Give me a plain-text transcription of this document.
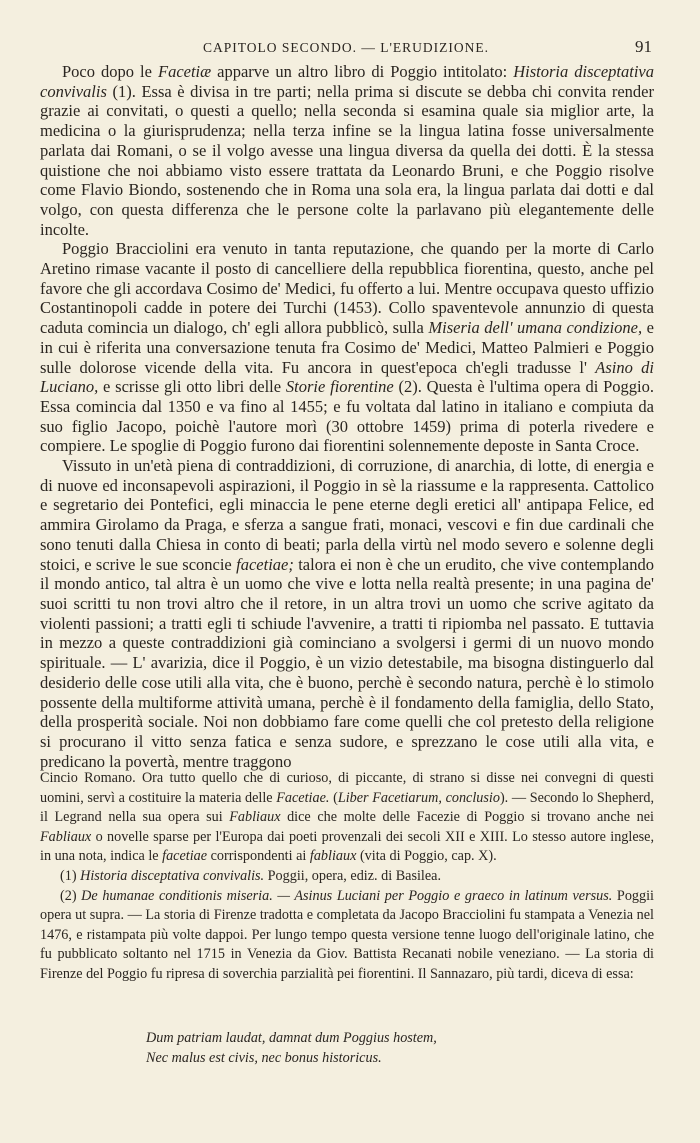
CAPITOLO SECONDO. — L'ERUDIZIONE.	91

Poco dopo le Facetiæ apparve un altro libro di Poggio intitolato: Historia disceptativa convivalis (1). Essa è divisa in tre parti; nella prima si discute se debba chi convita render grazie ai convitati, o questi a quello; nella seconda si esamina quale sia miglior arte, la medicina o la giurisprudenza; nella terza infine se la lingua latina fosse universalmente parlata dai Romani, o se il volgo avesse una lingua diversa da quella dei dotti. È la stessa quistione che noi abbiamo visto essere trattata da Leonardo Bruni, e che Poggio risolve come Flavio Biondo, sostenendo che in Roma una sola era, la lingua parlata dai dotti e dal volgo, con questa differenza che le persone colte la parlavano più elegantemente delle incolte.

Poggio Bracciolini era venuto in tanta reputazione, che quando per la morte di Carlo Aretino rimase vacante il posto di cancelliere della repubblica fiorentina, questo, anche pel favore che gli accordava Cosimo de' Medici, fu offerto a lui. Mentre occupava questo uffizio Costantinopoli cadde in potere dei Turchi (1453). Collo spaventevole annunzio di questa caduta comincia un dialogo, ch' egli allora pubblicò, sulla Miseria dell' umana condizione, e in cui è riferita una conversazione tenuta fra Cosimo de' Medici, Matteo Palmieri e Poggio sulle dolorose vicende della vita. Fu ancora in quest'epoca ch'egli tradusse l' Asino di Luciano, e scrisse gli otto libri delle Storie fiorentine (2). Questa è l'ultima opera di Poggio. Essa comincia dal 1350 e va fino al 1455; e fu voltata dal latino in italiano e compiuta da suo figlio Jacopo, poichè l'autore morì (30 ottobre 1459) prima di poterla rivedere e compiere. Le spoglie di Poggio furono dai fiorentini solennemente deposte in Santa Croce.

Vissuto in un'età piena di contraddizioni, di corruzione, di anarchia, di lotte, di energia e di nuove ed inconsapevoli aspirazioni, il Poggio in sè la riassume e la rappresenta. Cattolico e segretario dei Pontefici, egli minaccia le pene eterne degli eretici all' antipapa Felice, ed ammira Girolamo da Praga, e sferza a sangue frati, monaci, vescovi e fin due cardinali che sono tenuti dalla Chiesa in conto di beati; parla della virtù nel modo severo e solenne degli stoici, e scrive le sue sconcie facetiae; talora ei non è che un erudito, che vive contemplando il mondo antico, tal altra è un uomo che vive e lotta nella realtà presente; in una pagina de' suoi scritti tu non trovi altro che il retore, in un altra trovi un uomo che scrive agitato da violenti passioni; a tratti egli ti schiude l'avvenire, a tratti ti ripiomba nel passato. E tuttavia in mezzo a queste contraddizioni già cominciano a svolgersi i germi di un nuovo mondo spirituale. — L' avarizia, dice il Poggio, è un vizio detestabile, ma bisogna distinguerlo dal desiderio delle cose utili alla vita, che è buono, perchè è secondo natura, perchè è lo stimolo possente della multiforme attività umana, perchè è il fondamento della famiglia, dello Stato, della prosperità sociale. Noi non dobbiamo fare come quelli che col pretesto della religione si procurano il vitto senza fatica e senza sudore, e sprezzano le cose utili alla vita, e predicano la povertà, mentre traggono

Cincio Romano. Ora tutto quello che di curioso, di piccante, di strano si disse nei convegni di questi uomini, servì a costituire la materia delle Facetiae. (Liber Facetiarum, conclusio). — Secondo lo Shepherd, il Legrand nella sua opera sui Fabliaux dice che molte delle Facezie di Poggio si trovano anche nei Fabliaux o novelle sparse per l'Europa dai poeti provenzali dei secoli XII e XIII. Lo stesso autore inglese, in una nota, indica le facetiae corrispondenti ai fabliaux (vita di Poggio, cap. X).

(1) Historia disceptativa convivalis. Poggii, opera, ediz. di Basilea.

(2) De humanae conditionis miseria. — Asinus Luciani per Poggio e graeco in latinum versus. Poggii opera ut supra. — La storia di Firenze tradotta e completata da Jacopo Bracciolini fu stampata a Venezia nel 1476, e ristampata più volte dappoi. Per lungo tempo questa versione tenne luogo dell'originale latino, che fu pubblicato soltanto nel 1715 in Venezia da Giov. Battista Recanati nobile veneziano. — La storia di Firenze del Poggio fu ripresa di soverchia parzialità pei fiorentini. Il Sannazaro, più tardi, diceva di essa:

Dum patriam laudat, damnat dum Poggius hostem,
Nec malus est civis, nec bonus historicus.
